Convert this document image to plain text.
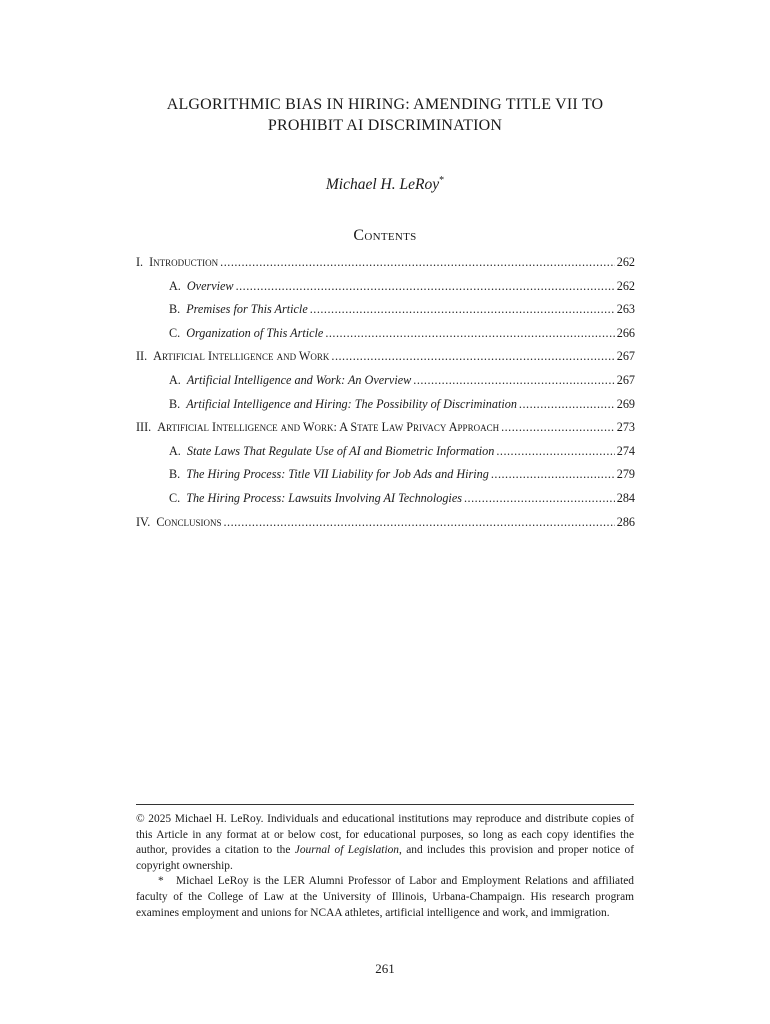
ALGORITHMIC BIAS IN HIRING: AMENDING TITLE VII TO
PROHIBIT AI DISCRIMINATION
Michael H. LeRoy*
Contents
I. Introduction .....	262
A. Overview .....	262
B. Premises for This Article .....	263
C. Organization of This Article .....	266
II. Artificial Intelligence and Work .....	267
A. Artificial Intelligence and Work: An Overview .....	267
B. Artificial Intelligence and Hiring: The Possibility of Discrimination .....	269
III. Artificial Intelligence and Work: A State Law Privacy Approach .....	273
A. State Laws That Regulate Use of AI and Biometric Information .....	274
B. The Hiring Process: Title VII Liability for Job Ads and Hiring .....	279
C. The Hiring Process: Lawsuits Involving AI Technologies .....	284
IV. Conclusions .....	286

© 2025 Michael H. LeRoy. Individuals and educational institutions may reproduce and distribute copies of this Article in any format at or below cost, for educational purposes, so long as each copy identifies the author, provides a citation to the Journal of Legislation, and includes this provision and proper notice of copyright ownership.

* Michael LeRoy is the LER Alumni Professor of Labor and Employment Relations and affiliated faculty of the College of Law at the University of Illinois, Urbana-Champaign. His research program examines employment and unions for NCAA athletes, artificial intelligence and work, and immigration.

261
